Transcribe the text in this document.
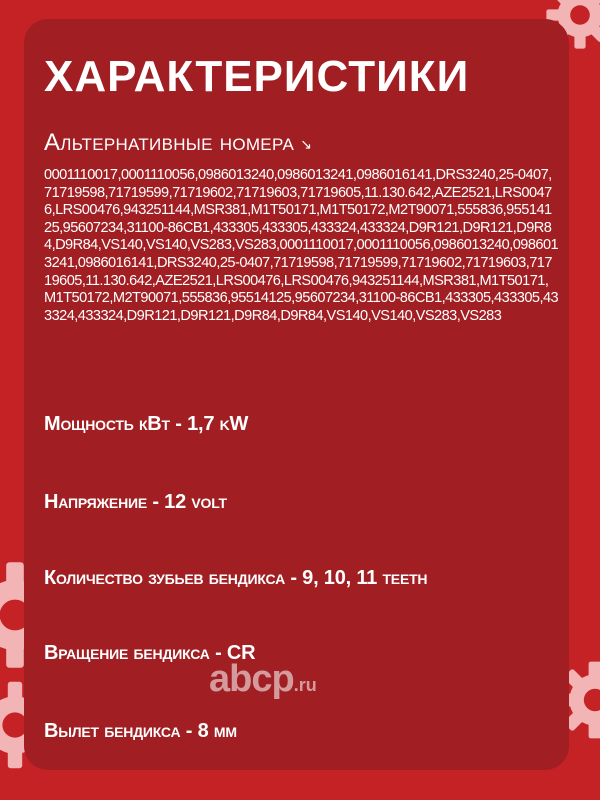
ХАРАКТЕРИСТИКИ
Альтернативные номера ↘
0001110017,0001110056,0986013240,0986013241,0986016141,DRS3240,25-0407,71719598,71719599,71719602,71719603,71719605,11.130.642,AZE2521,LRS00476,LRS00476,943251144,MSR381,M1T50171,M1T50172,M2T90071,555836,95514125,95607234,31100-86CB1,433305,433305,433324,433324,D9R121,D9R121,D9R84,D9R84,VS140,VS140,VS283,VS283,0001110017,0001110056,0986013240,0986013241,0986016141,DRS3240,25-0407,71719598,71719599,71719602,71719603,71719605,11.130.642,AZE2521,LRS00476,LRS00476,943251144,MSR381,M1T50171,M1T50172,M2T90071,555836,95514125,95607234,31100-86CB1,433305,433305,433324,433324,D9R121,D9R121,D9R84,D9R84,VS140,VS140,VS283,VS283
Мощность кВт - 1,7 kW
Напряжение - 12 volt
Количество зубьев бендикса - 9, 10, 11 teeth
Вращение бендикса - CR
Вылет бендикса - 8 мм
abcp.ru
